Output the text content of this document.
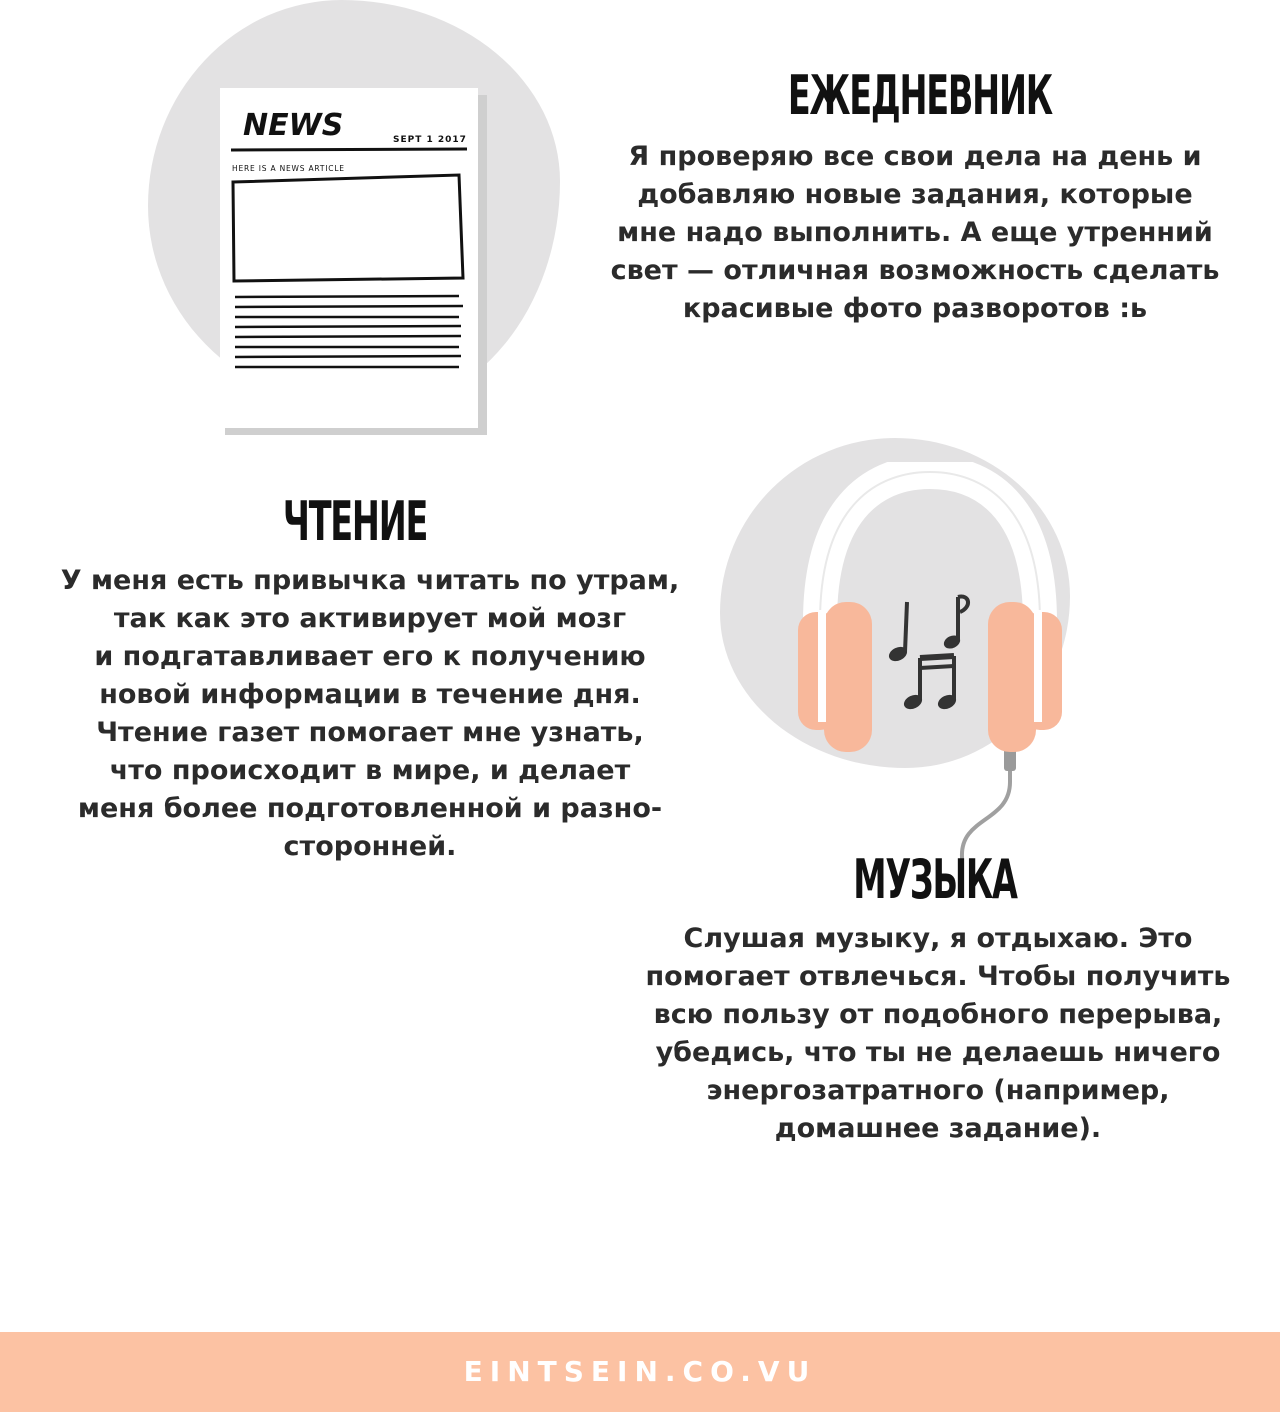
NEWS	SEPT 1 2017
HERE IS A NEWS ARTICLE
ЕЖЕДНЕВНИК

Я проверяю все свои дела на день и
добавляю новые задания, которые
мне надо выполнить. А еще утренний
свет — отличная возможность сделать
красивые фото разворотов :ь

ЧТЕНИЕ

У меня есть привычка читать по утрам,
так как это активирует мой мозг
и подгатавливает его к получению
новой информации в течение дня.
Чтение газет помогает мне узнать,
что происходит в мире, и делает
меня более подготовленной и разно-
сторонней.

МУЗЫКА

Слушая музыку, я отдыхаю. Это
помогает отвлечься. Чтобы получить
всю пользу от подобного перерыва,
убедись, что ты не делаешь ничего
энергозатратного (например,
домашнее задание).

EINTSEIN.CO.VU
